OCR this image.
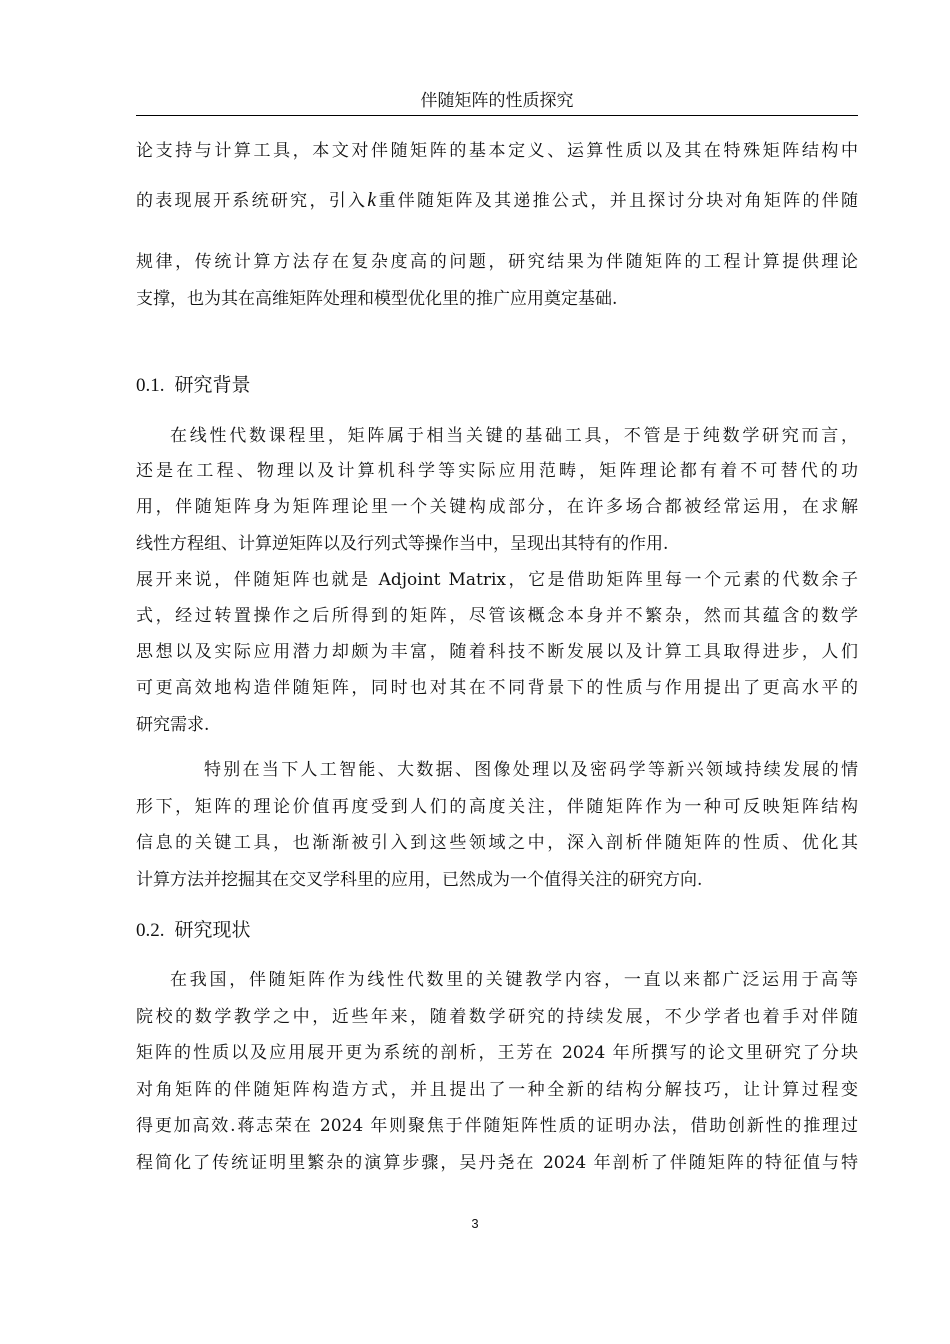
伴随矩阵的性质探究
论支持与计算工具，本文对伴随矩阵的基本定义、运算性质以及其在特殊矩阵结构中
的表现展开系统研究，引入k重伴随矩阵及其递推公式，并且探讨分块对角矩阵的伴随
规律，传统计算方法存在复杂度高的问题，研究结果为伴随矩阵的工程计算提供理论
支撑，也为其在高维矩阵处理和模型优化里的推广应用奠定基础.
0.1. 研究背景
在线性代数课程里，矩阵属于相当关键的基础工具，不管是于纯数学研究而言，
还是在工程、物理以及计算机科学等实际应用范畴，矩阵理论都有着不可替代的功
用，伴随矩阵身为矩阵理论里一个关键构成部分，在许多场合都被经常运用，在求解
线性方程组、计算逆矩阵以及行列式等操作当中，呈现出其特有的作用.
展开来说，伴随矩阵也就是 Adjoint Matrix，它是借助矩阵里每一个元素的代数余子
式，经过转置操作之后所得到的矩阵，尽管该概念本身并不繁杂，然而其蕴含的数学
思想以及实际应用潜力却颇为丰富，随着科技不断发展以及计算工具取得进步，人们
可更高效地构造伴随矩阵，同时也对其在不同背景下的性质与作用提出了更高水平的
研究需求.
特别在当下人工智能、大数据、图像处理以及密码学等新兴领域持续发展的情
形下，矩阵的理论价值再度受到人们的高度关注，伴随矩阵作为一种可反映矩阵结构
信息的关键工具，也渐渐被引入到这些领域之中，深入剖析伴随矩阵的性质、优化其
计算方法并挖掘其在交叉学科里的应用，已然成为一个值得关注的研究方向.
0.2. 研究现状
在我国，伴随矩阵作为线性代数里的关键教学内容，一直以来都广泛运用于高等
院校的数学教学之中，近些年来，随着数学研究的持续发展，不少学者也着手对伴随
矩阵的性质以及应用展开更为系统的剖析，王芳在 2024 年所撰写的论文里研究了分块
对角矩阵的伴随矩阵构造方式，并且提出了一种全新的结构分解技巧，让计算过程变
得更加高效.蒋志荣在 2024 年则聚焦于伴随矩阵性质的证明办法，借助创新性的推理过
程简化了传统证明里繁杂的演算步骤，吴丹尧在 2024 年剖析了伴随矩阵的特征值与特
3
